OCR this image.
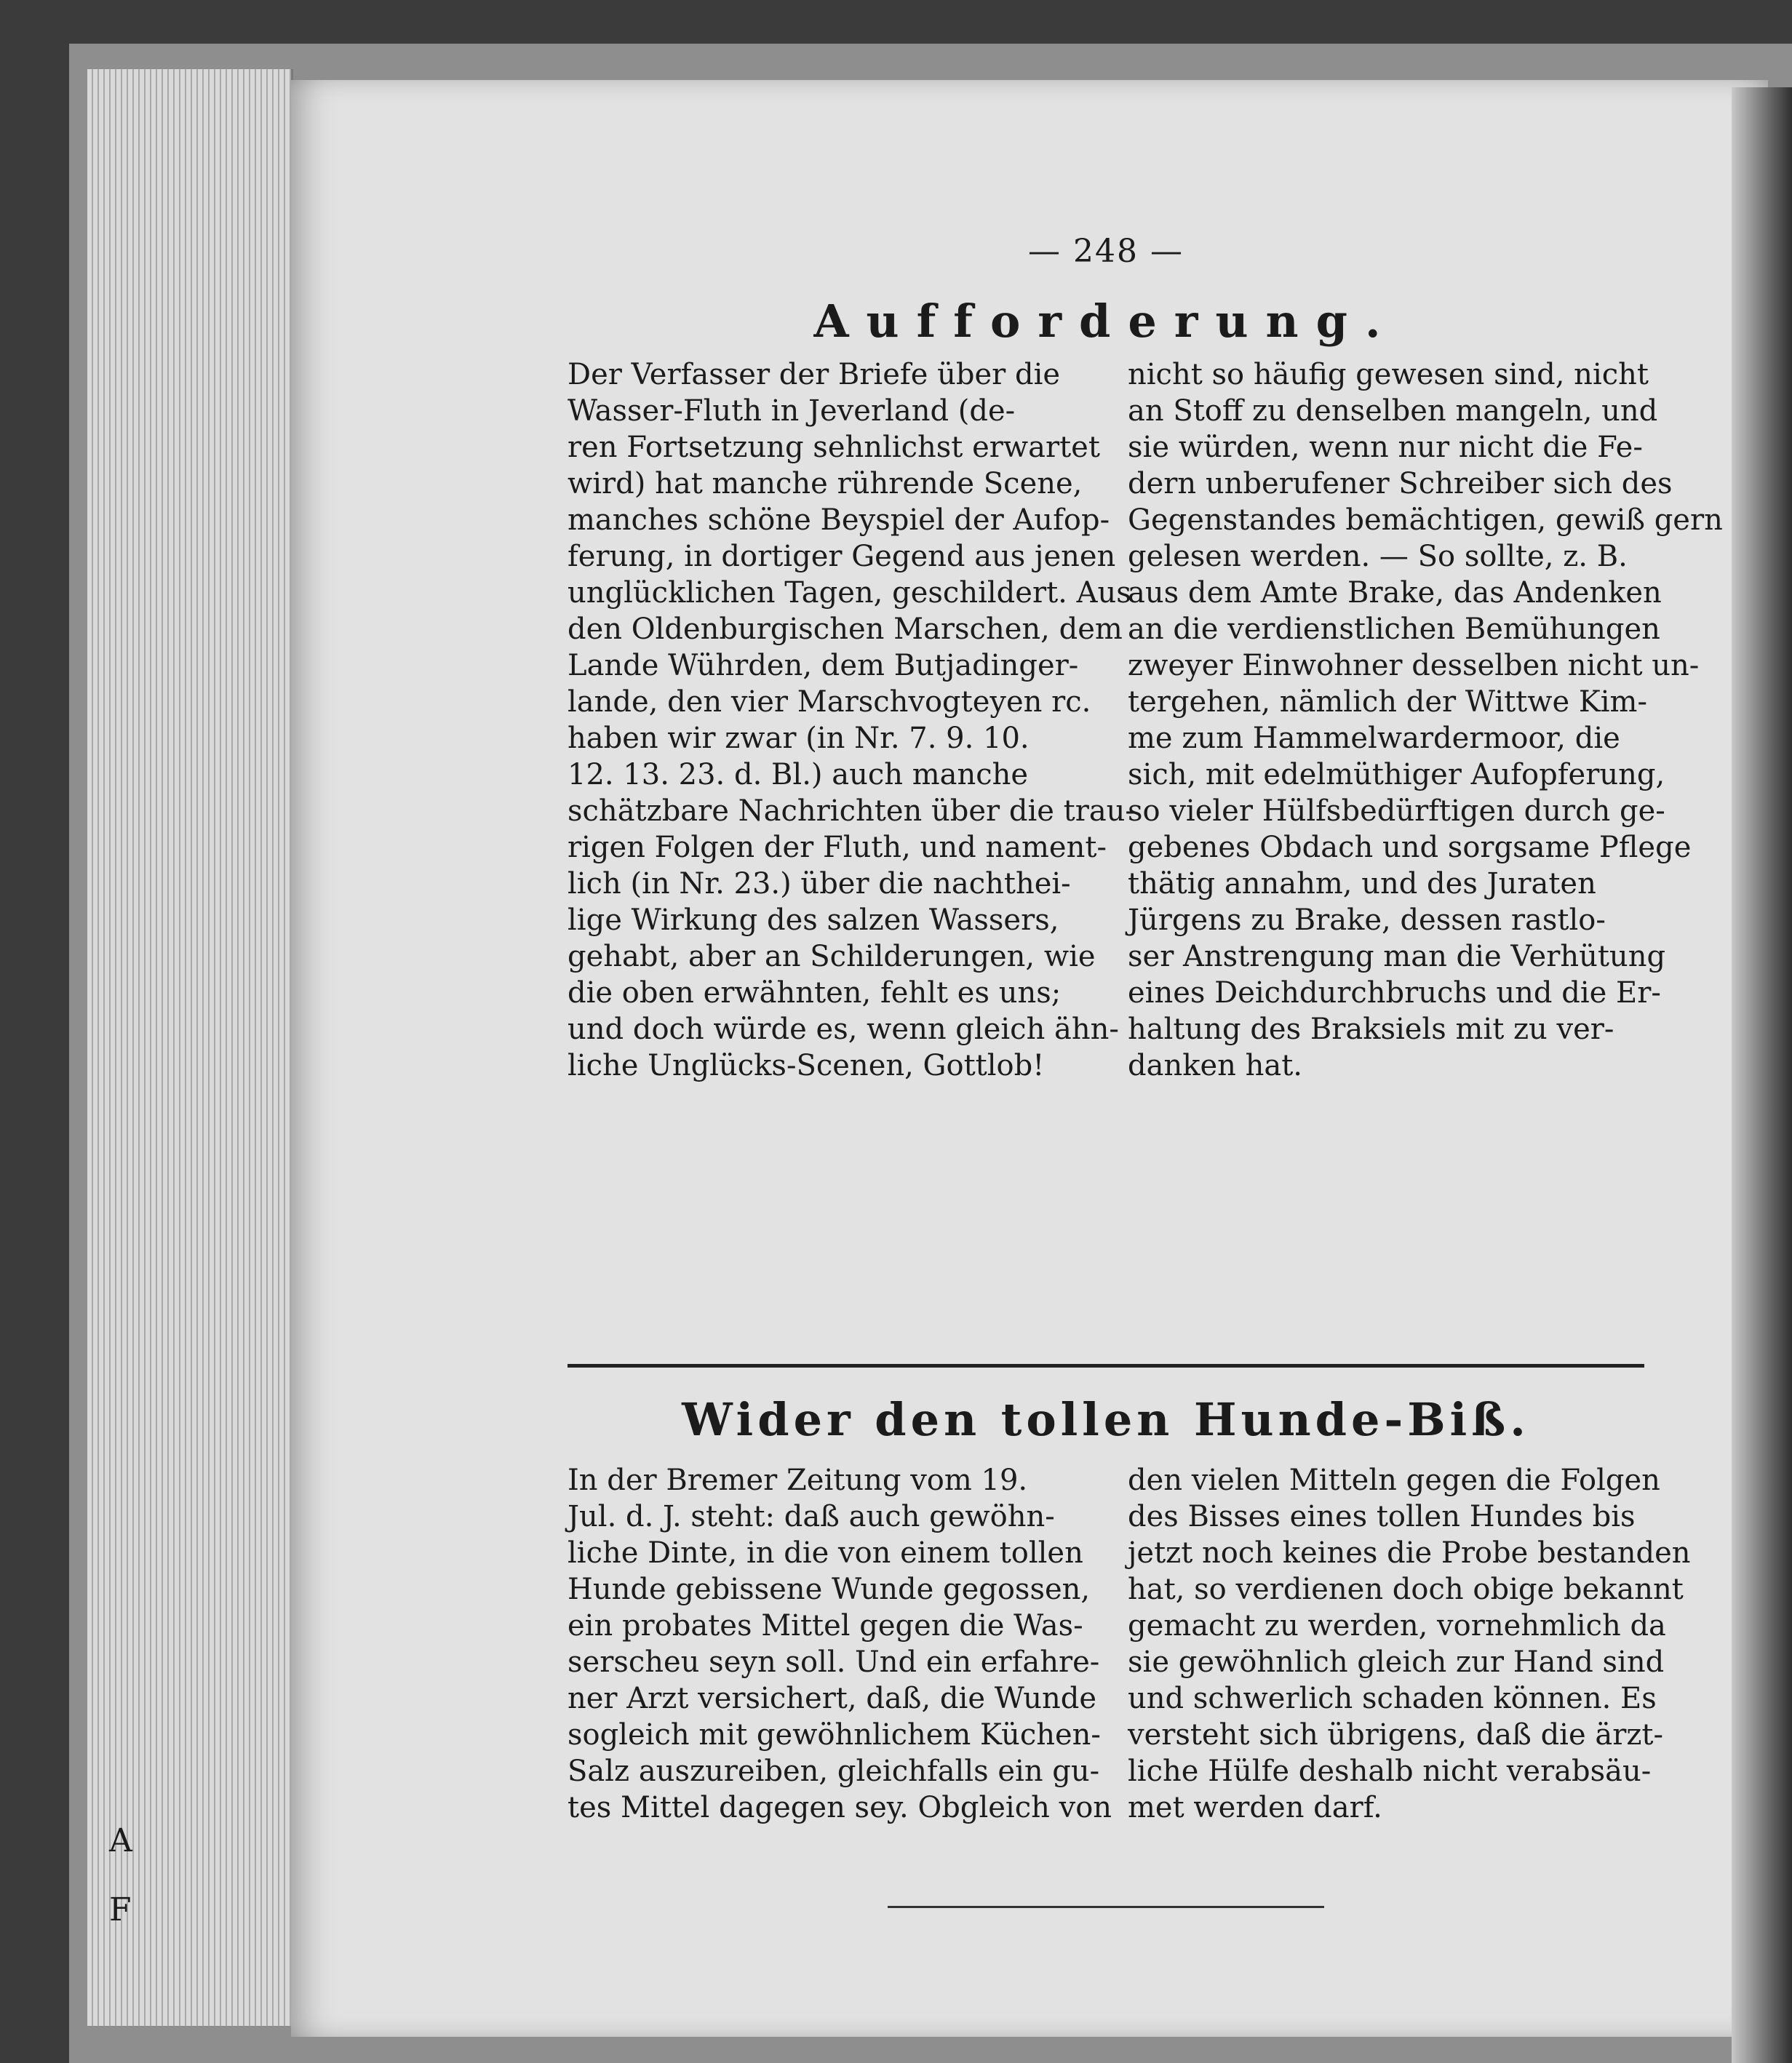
A
F
— 248 —
Aufforderung.
Der Verfasser der Briefe über die
Wasser-Fluth in Jeverland (de-
ren Fortsetzung sehnlichst erwartet
wird) hat manche rührende Scene,
manches schöne Beyspiel der Aufop-
ferung, in dortiger Gegend aus jenen
unglücklichen Tagen, geschildert. Aus
den Oldenburgischen Marschen, dem
Lande Wührden, dem Butjadinger-
lande, den vier Marschvogteyen rc.
haben wir zwar (in Nr. 7. 9. 10.
12. 13. 23. d. Bl.) auch manche
schätzbare Nachrichten über die trau-
rigen Folgen der Fluth, und nament-
lich (in Nr. 23.) über die nachthei-
lige Wirkung des salzen Wassers,
gehabt, aber an Schilderungen, wie
die oben erwähnten, fehlt es uns;
und doch würde es, wenn gleich ähn-
liche Unglücks-Scenen, Gottlob!
nicht so häufig gewesen sind, nicht
an Stoff zu denselben mangeln, und
sie würden, wenn nur nicht die Fe-
dern unberufener Schreiber sich des
Gegenstandes bemächtigen, gewiß gern
gelesen werden. — So sollte, z. B.
aus dem Amte Brake, das Andenken
an die verdienstlichen Bemühungen
zweyer Einwohner desselben nicht un-
tergehen, nämlich der Wittwe Kim-
me zum Hammelwardermoor, die
sich, mit edelmüthiger Aufopferung,
so vieler Hülfsbedürftigen durch ge-
gebenes Obdach und sorgsame Pflege
thätig annahm, und des Juraten
Jürgens zu Brake, dessen rastlo-
ser Anstrengung man die Verhütung
eines Deichdurchbruchs und die Er-
haltung des Braksiels mit zu ver-
danken hat.
Wider den tollen Hunde-Biß.
In der Bremer Zeitung vom 19.
Jul. d. J. steht: daß auch gewöhn-
liche Dinte, in die von einem tollen
Hunde gebissene Wunde gegossen,
ein probates Mittel gegen die Was-
serscheu seyn soll. Und ein erfahre-
ner Arzt versichert, daß, die Wunde
sogleich mit gewöhnlichem Küchen-
Salz auszureiben, gleichfalls ein gu-
tes Mittel dagegen sey. Obgleich von
den vielen Mitteln gegen die Folgen
des Bisses eines tollen Hundes bis
jetzt noch keines die Probe bestanden
hat, so verdienen doch obige bekannt
gemacht zu werden, vornehmlich da
sie gewöhnlich gleich zur Hand sind
und schwerlich schaden können. Es
versteht sich übrigens, daß die ärzt-
liche Hülfe deshalb nicht verabsäu-
met werden darf.
